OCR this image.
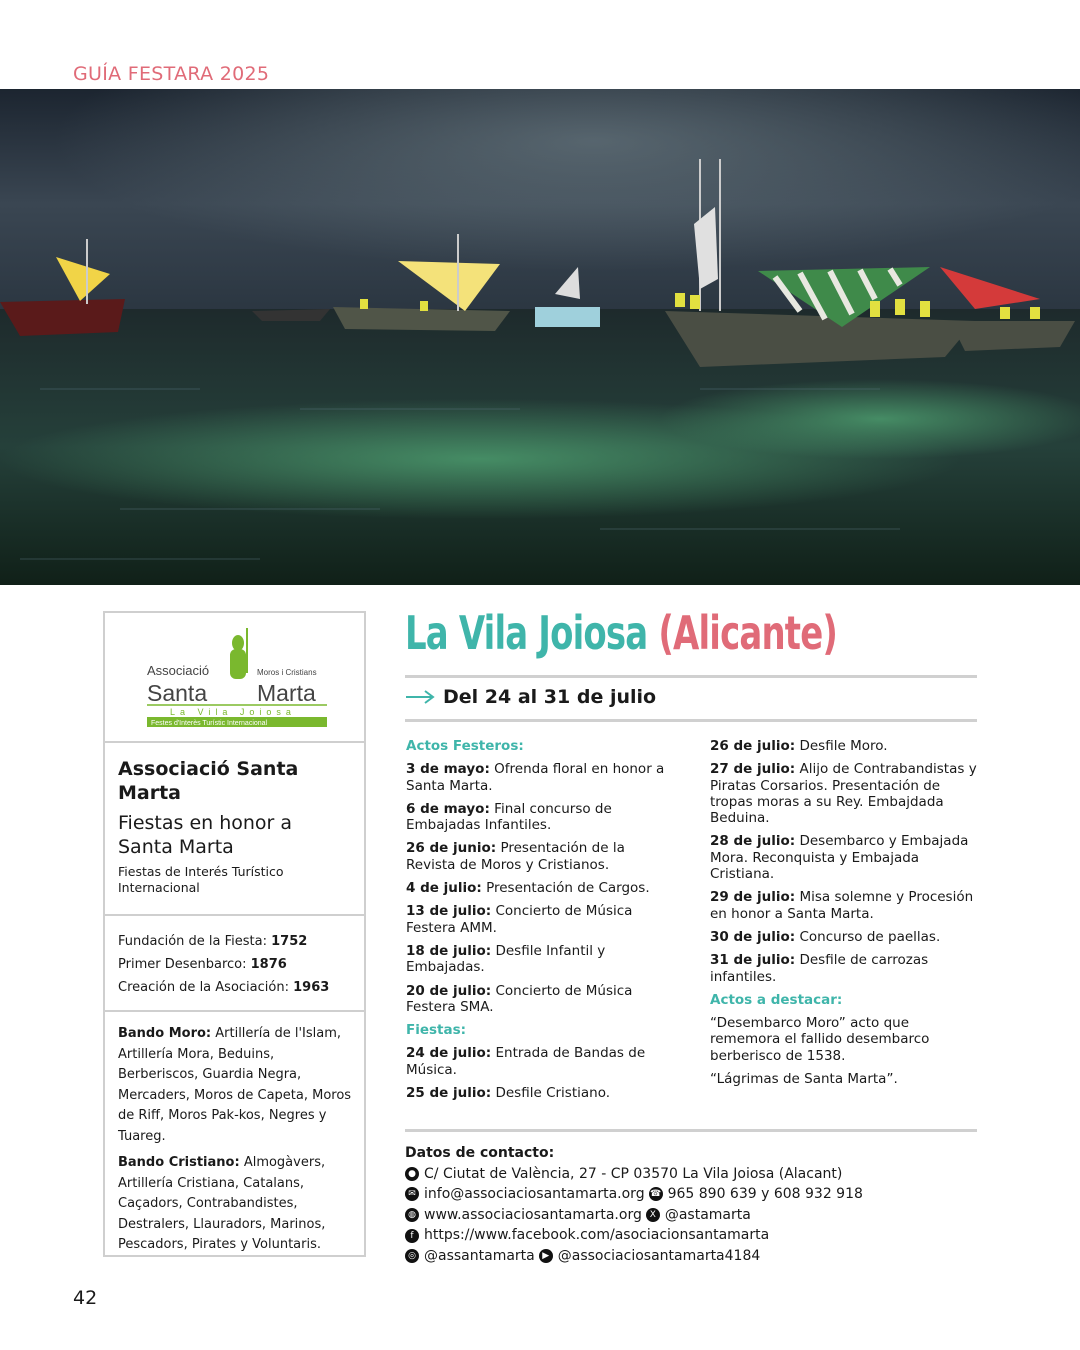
GUÍA FESTARA 2025
Associació	Moros i Cristians
Santa Marta
La Vila Joiosa
Festes d'Interès Turístic Internacional
Associació Santa Marta
Fiestas en honor a Santa Marta
Fiestas de Interés Turístico Internacional
Fundación de la Fiesta: 1752
Primer Desenbarco: 1876
Creación de la Asociación: 1963

Bando Moro: Artillería de l'Islam, Artillería Mora, Beduins, Berberiscos, Guardia Negra, Mercaders, Moros de Capeta, Moros de Riff, Moros Pak-kos, Negres y Tuareg.

Bando Cristiano: Almogàvers, Artillería Cristiana, Catalans, Caçadors, Contrabandistes, Destralers, Llauradors, Marinos, Pescadors, Pirates y Voluntaris.

La Vila Joiosa (Alicante)
Del 24 al 31 de julio
Actos Festeros:
3 de mayo: Ofrenda floral en honor a Santa Marta.
6 de mayo: Final concurso de Embajadas Infantiles.
26 de junio: Presentación de la Revista de Moros y Cristianos.
4 de julio: Presentación de Cargos.
13 de julio: Concierto de Música Festera AMM.
18 de julio: Desfile Infantil y Embajadas.
20 de julio: Concierto de Música Festera SMA.
Fiestas:
24 de julio: Entrada de Bandas de Música.
25 de julio: Desfile Cristiano.
26 de julio: Desfile Moro.
27 de julio: Alijo de Contrabandistas y Piratas Corsarios. Presentación de tropas moras a su Rey. Embajdada Beduina.
28 de julio: Desembarco y Embajada Mora. Reconquista y Embajada Cristiana.
29 de julio: Misa solemne y Procesión en honor a Santa Marta.
30 de julio: Concurso de paellas.
31 de julio: Desfile de carrozas infantiles.
Actos a destacar:
“Desembarco Moro” acto que rememora el fallido desembarco berberisco de 1538.
“Lágrimas de Santa Marta”.
Datos de contacto:
● C/ Ciutat de València, 27 - CP 03570 La Vila Joiosa (Alacant)
✉ info@associaciosantamarta.org ☎ 965 890 639 y 608 932 918
◍ www.associaciosantamarta.org X @astamarta
f https://www.facebook.com/asociacionsantamarta
◎ @assantamarta ▶ @associaciosantamarta4184
42
